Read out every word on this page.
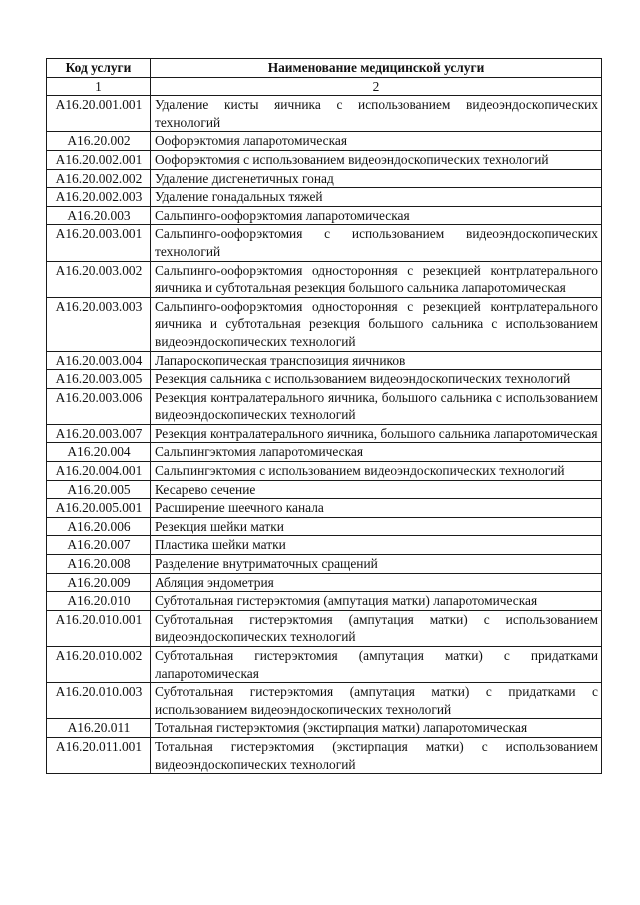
Код услуги	Наименование медицинской услуги
1	2
A16.20.001.001	Удаление кисты яичника с использованием видеоэндоскопических технологий
A16.20.002	Оофорэктомия лапаротомическая
A16.20.002.001	Оофорэктомия с использованием видеоэндоскопических технологий
A16.20.002.002	Удаление дисгенетичных гонад
A16.20.002.003	Удаление гонадальных тяжей
A16.20.003	Сальпинго-оофорэктомия лапаротомическая
A16.20.003.001	Сальпинго-оофорэктомия с использованием видеоэндоскопических технологий
A16.20.003.002	Сальпинго-оофорэктомия односторонняя с резекцией контрлатерального яичника и субтотальная резекция большого сальника лапаротомическая
A16.20.003.003	Сальпинго-оофорэктомия односторонняя с резекцией контрлатерального яичника и субтотальная резекция большого сальника с использованием видеоэндоскопических технологий
A16.20.003.004	Лапароскопическая транспозиция яичников
A16.20.003.005	Резекция сальника с использованием видеоэндоскопических технологий
A16.20.003.006	Резекция контралатерального яичника, большого сальника с использованием видеоэндоскопических технологий
A16.20.003.007	Резекция контралатерального яичника, большого сальника лапаротомическая
A16.20.004	Сальпингэктомия лапаротомическая
A16.20.004.001	Сальпингэктомия с использованием видеоэндоскопических технологий
A16.20.005	Кесарево сечение
A16.20.005.001	Расширение шеечного канала
A16.20.006	Резекция шейки матки
A16.20.007	Пластика шейки матки
A16.20.008	Разделение внутриматочных сращений
A16.20.009	Абляция эндометрия
A16.20.010	Субтотальная гистерэктомия (ампутация матки) лапаротомическая
A16.20.010.001	Субтотальная гистерэктомия (ампутация матки) с использованием видеоэндоскопических технологий
A16.20.010.002	Субтотальная гистерэктомия (ампутация матки) с придатками лапаротомическая
A16.20.010.003	Субтотальная гистерэктомия (ампутация матки) с придатками с использованием видеоэндоскопических технологий
A16.20.011	Тотальная гистерэктомия (экстирпация матки) лапаротомическая
A16.20.011.001	Тотальная гистерэктомия (экстирпация матки) с использованием видеоэндоскопических технологий
